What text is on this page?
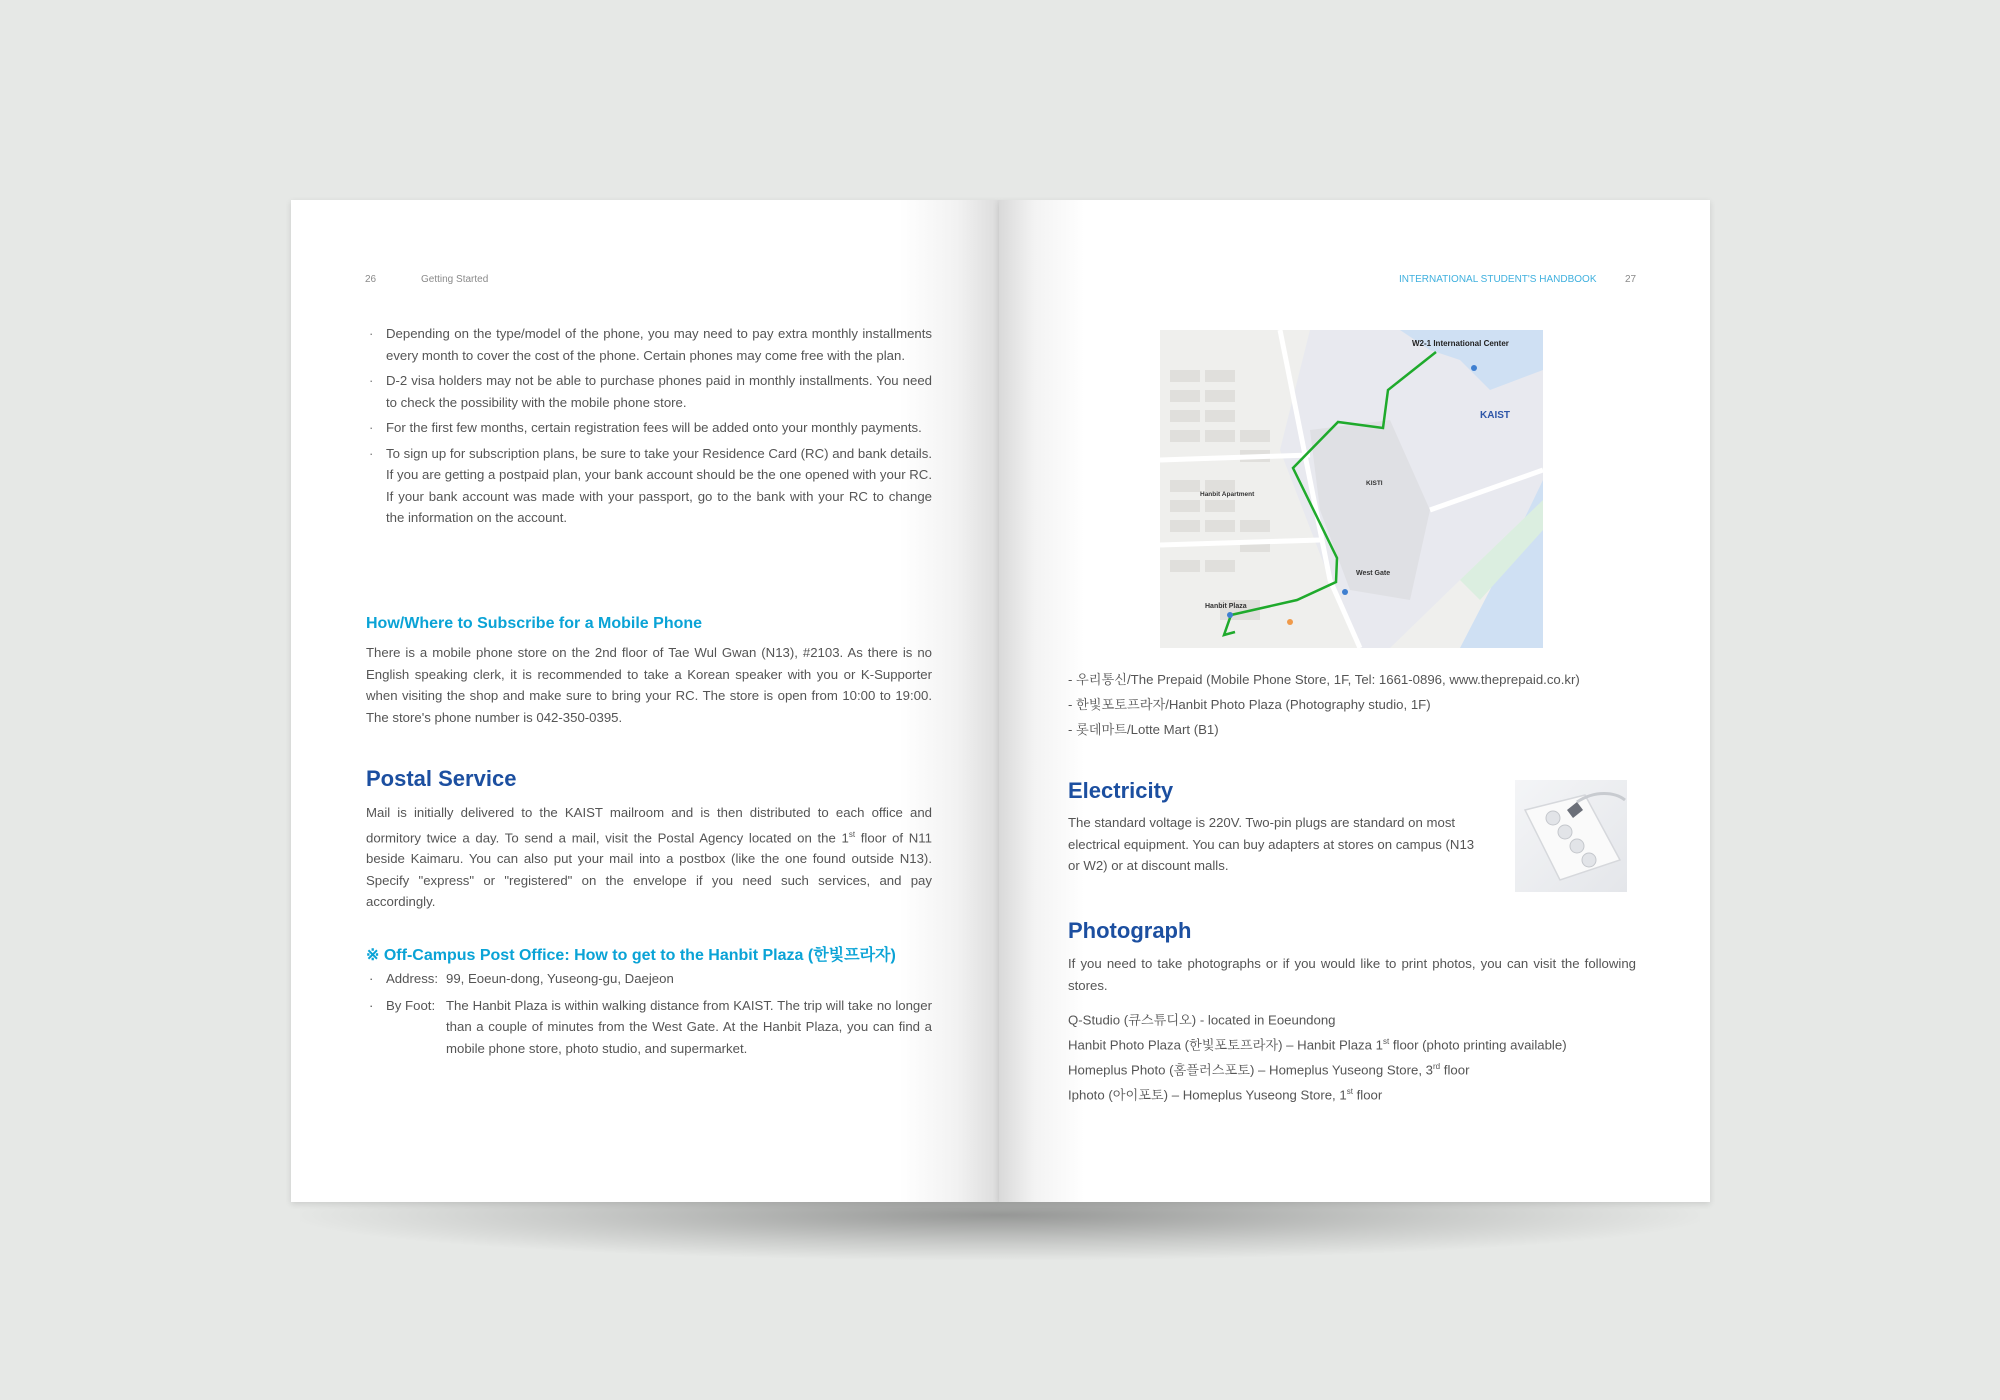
26	Getting Started
· Depending on the type/model of the phone, you may need to pay extra monthly installments every month to cover the cost of the phone. Certain phones may come free with the plan.
· D-2 visa holders may not be able to purchase phones paid in monthly installments. You need to check the possibility with the mobile phone store.
· For the first few months, certain registration fees will be added onto your monthly payments.
· To sign up for subscription plans, be sure to take your Residence Card (RC) and bank details. If you are getting a postpaid plan, your bank account should be the one opened with your RC. If your bank account was made with your passport, go to the bank with your RC to change the information on the account.
How/Where to Subscribe for a Mobile Phone
There is a mobile phone store on the 2nd floor of Tae Wul Gwan (N13), #2103. As there is no English speaking clerk, it is recommended to take a Korean speaker with you or K-Supporter when visiting the shop and make sure to bring your RC. The store is open from 10:00 to 19:00. The store's phone number is 042-350-0395.
Postal Service
Mail is initially delivered to the KAIST mailroom and is then distributed to each office and dormitory twice a day. To send a mail, visit the Postal Agency located on the 1st floor of N11 beside Kaimaru. You can also put your mail into a postbox (like the one found outside N13). Specify "express" or "registered" on the envelope if you need such services, and pay accordingly.
※ Off-Campus Post Office: How to get to the Hanbit Plaza (한빛프라자)
· Address: 99, Eoeun-dong, Yuseong-gu, Daejeon
· By Foot: The Hanbit Plaza is within walking distance from KAIST. The trip will take no longer than a couple of minutes from the West Gate. At the Hanbit Plaza, you can find a mobile phone store, photo studio, and supermarket.
INTERNATIONAL STUDENT'S HANDBOOK	27
W2-1 International Center
KAIST
KISTI
Hanbit Apartment
West Gate
Hanbit Plaza
- 우리통신/The Prepaid (Mobile Phone Store, 1F, Tel: 1661-0896, www.theprepaid.co.kr)
- 한빛포토프라자/Hanbit Photo Plaza (Photography studio, 1F)
- 롯데마트/Lotte Mart (B1)
Electricity
The standard voltage is 220V. Two-pin plugs are standard on most electrical equipment. You can buy adapters at stores on campus (N13 or W2) or at discount malls.
Photograph
If you need to take photographs or if you would like to print photos, you can visit the following stores.
Q-Studio (큐스튜디오) - located in Eoeundong
Hanbit Photo Plaza (한빛포토프라자) – Hanbit Plaza 1st floor (photo printing available)
Homeplus Photo (홈플러스포토) – Homeplus Yuseong Store, 3rd floor
Iphoto (아이포토) – Homeplus Yuseong Store, 1st floor
